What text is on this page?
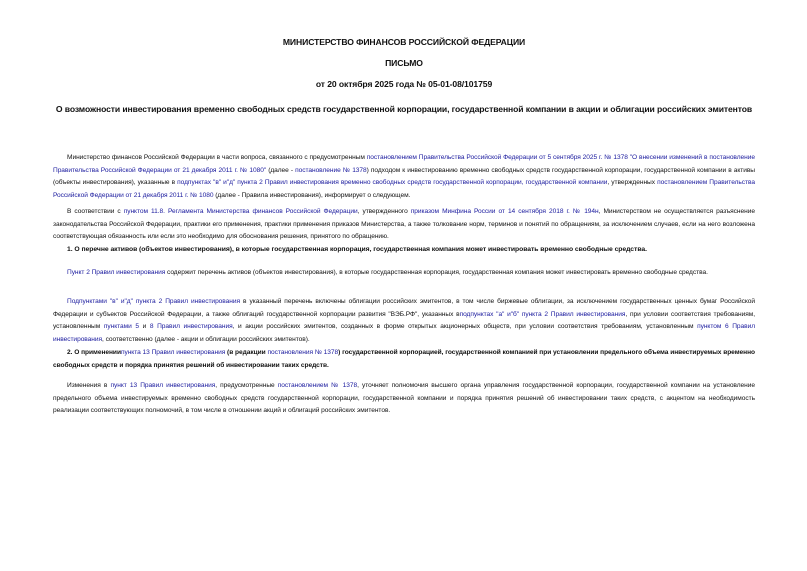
МИНИСТЕРСТВО ФИНАНСОВ РОССИЙСКОЙ ФЕДЕРАЦИИ
ПИСЬМО
от 20 октября 2025 года № 05-01-08/101759
О возможности инвестирования временно свободных средств государственной корпорации, государственной компании в акции и облигации российских эмитентов
Министерство финансов Российской Федерации в части вопроса, связанного с предусмотренным постановлением Правительства Российской Федерации от 5 сентября 2025 г. № 1378 "О внесении изменений в постановление Правительства Российской Федерации от 21 декабря 2011 г. № 1080" (далее - постановление № 1378) подходом к инвестированию временно свободных средств государственной корпорации, государственной компании в активы (объекты инвестирования), указанные в подпунктах "в" и"д" пункта 2 Правил инвестирования временно свободных средств государственной корпорации, государственной компании, утвержденных постановлением Правительства Российской Федерации от 21 декабря 2011 г. № 1080 (далее - Правила инвестирования), информирует о следующем.
В соответствии с пунктом 11.8. Регламента Министерства финансов Российской Федерации, утвержденного приказом Минфина России от 14 сентября 2018 г. № 194н, Министерством не осуществляется разъяснение законодательства Российской Федерации, практики его применения, практики применения приказов Министерства, а также толкование норм, терминов и понятий по обращениям, за исключением случаев, если на него возложена соответствующая обязанность или если это необходимо для обоснования решения, принятого по обращению.
1. О перечне активов (объектов инвестирования), в которые государственная корпорация, государственная компания может инвестировать временно свободные средства.
Пункт 2 Правил инвестирования содержит перечень активов (объектов инвестирования), в которые государственная корпорация, государственная компания может инвестировать временно свободные средства.
Подпунктами "в" и"д" пункта 2 Правил инвестирования в указанный перечень включены облигации российских эмитентов, в том числе биржевые облигации, за исключением государственных ценных бумаг Российской Федерации и субъектов Российской Федерации, а также облигаций государственной корпорации развития "ВЭБ.РФ", указанных вподпунктах "а" и"б" пункта 2 Правил инвестирования, при условии соответствия требованиям, установленным пунктами 5 и 8 Правил инвестирования, и акции российских эмитентов, созданных в форме открытых акционерных обществ, при условии соответствия требованиям, установленным пунктом 6 Правил инвестирования, соответственно (далее - акции и облигации российских эмитентов).
2. О применениипункта 13 Правил инвестирования (в редакции постановления № 1378) государственной корпорацией, государственной компанией при установлении предельного объема инвестируемых временно свободных средств и порядка принятия решений об инвестировании таких средств.
Изменения в пункт 13 Правил инвестирования, предусмотренные постановлением № 1378, уточняет полномочия высшего органа управления государственной корпорации, государственной компании на установление предельного объема инвестируемых временно свободных средств государственной корпорации, государственной компании и порядка принятия решений об инвестировании таких средств, с акцентом на необходимость реализации соответствующих полномочий, в том числе в отношении акций и облигаций российских эмитентов.
